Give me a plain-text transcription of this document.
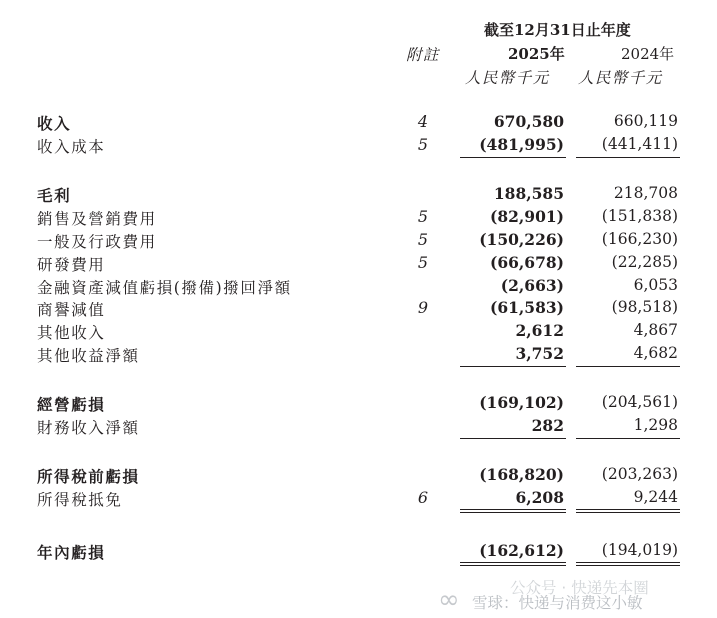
截至12月31日止年度
附註	2025年	2024年
人民幣千元 人民幣千元
收入	4	670,580	660,119
收入成本	5	(481,995) (441,411)
毛利	188,585	218,708
銷售及營銷費用	5	(82,901) (151,838)
一般及行政費用	5	(150,226) (166,230)
研發費用	5	(66,678)	(22,285)
金融資產減值虧損(撥備)撥回淨額	(2,663)	6,053
商譽減值	9	(61,583)	(98,518)
其他收入	2,612	4,867
其他收益淨額	3,752	4,682
經營虧損	(169,102) (204,561)
財務收入淨額	282	1,298
所得稅前虧損	(168,820) (203,263)
所得稅抵免	6	6,208	9,244
年內虧損	(162,612) (194,019)
∞ 雪球：快递与消费这小敏
公众号 · 快递先本圈
